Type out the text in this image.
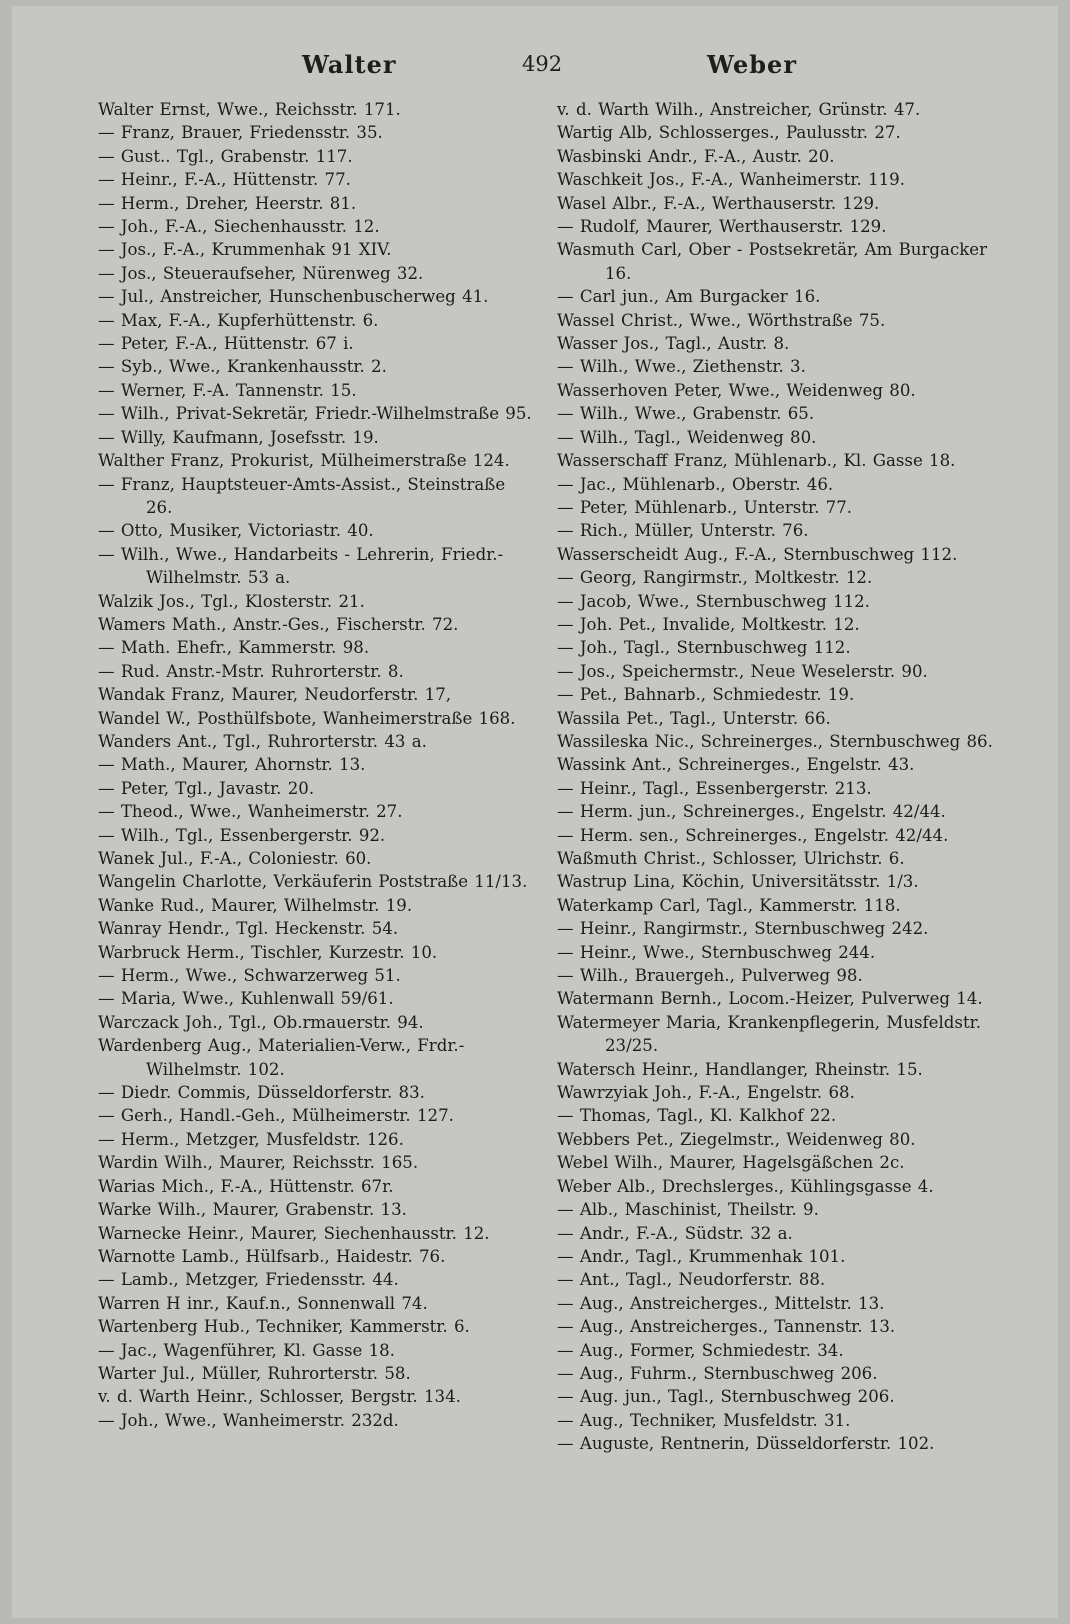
Walter	492	Weber
Walter Ernst, Wwe., Reichsstr. 171.
— Franz, Brauer, Friedensstr. 35.
— Gust.. Tgl., Grabenstr. 117.
— Heinr., F.-A., Hüttenstr. 77.
— Herm., Dreher, Heerstr. 81.
— Joh., F.-A., Siechenhausstr. 12.
— Jos., F.-A., Krummenhak 91 XIV.
— Jos., Steueraufseher, Nürenweg 32.
— Jul., Anstreicher, Hunschenbuscherweg 41.
— Max, F.-A., Kupferhüttenstr. 6.
— Peter, F.-A., Hüttenstr. 67 i.
— Syb., Wwe., Krankenhausstr. 2.
— Werner, F.-A. Tannenstr. 15.
— Wilh., Privat-Sekretär, Friedr.-Wilhelmstraße 95.
— Willy, Kaufmann, Josefsstr. 19.
Walther Franz, Prokurist, Mülheimerstraße 124.
— Franz, Hauptsteuer-Amts-Assist., Steinstraße 26.
— Otto, Musiker, Victoriastr. 40.
— Wilh., Wwe., Handarbeits - Lehrerin, Friedr.-Wilhelmstr. 53 a.
Walzik Jos., Tgl., Klosterstr. 21.
Wamers Math., Anstr.-Ges., Fischerstr. 72.
— Math. Ehefr., Kammerstr. 98.
— Rud. Anstr.-Mstr. Ruhrorterstr. 8.
Wandak Franz, Maurer, Neudorferstr. 17,
Wandel W., Posthülfsbote, Wanheimerstraße 168.
Wanders Ant., Tgl., Ruhrorterstr. 43 a.
— Math., Maurer, Ahornstr. 13.
— Peter, Tgl., Javastr. 20.
— Theod., Wwe., Wanheimerstr. 27.
— Wilh., Tgl., Essenbergerstr. 92.
Wanek Jul., F.-A., Coloniestr. 60.
Wangelin Charlotte, Verkäuferin Poststraße 11/13.
Wanke Rud., Maurer, Wilhelmstr. 19.
Wanray Hendr., Tgl. Heckenstr. 54.
Warbruck Herm., Tischler, Kurzestr. 10.
— Herm., Wwe., Schwarzerweg 51.
— Maria, Wwe., Kuhlenwall 59/61.
Warczack Joh., Tgl., Ob.rmauerstr. 94.
Wardenberg Aug., Materialien-Verw., Frdr.-Wilhelmstr. 102.
— Diedr. Commis, Düsseldorferstr. 83.
— Gerh., Handl.-Geh., Mülheimerstr. 127.
— Herm., Metzger, Musfeldstr. 126.
Wardin Wilh., Maurer, Reichsstr. 165.
Warias Mich., F.-A., Hüttenstr. 67r.
Warke Wilh., Maurer, Grabenstr. 13.
Warnecke Heinr., Maurer, Siechenhausstr. 12.
Warnotte Lamb., Hülfsarb., Haidestr. 76.
— Lamb., Metzger, Friedensstr. 44.
Warren H inr., Kauf.n., Sonnenwall 74.
Wartenberg Hub., Techniker, Kammerstr. 6.
— Jac., Wagenführer, Kl. Gasse 18.
Warter Jul., Müller, Ruhrorterstr. 58.
v. d. Warth Heinr., Schlosser, Bergstr. 134.
— Joh., Wwe., Wanheimerstr. 232d.
v. d. Warth Wilh., Anstreicher, Grünstr. 47.
Wartig Alb, Schlosserges., Paulusstr. 27.
Wasbinski Andr., F.-A., Austr. 20.
Waschkeit Jos., F.-A., Wanheimerstr. 119.
Wasel Albr., F.-A., Werthauserstr. 129.
— Rudolf, Maurer, Werthauserstr. 129.
Wasmuth Carl, Ober - Postsekretär, Am Burgacker 16.
— Carl jun., Am Burgacker 16.
Wassel Christ., Wwe., Wörthstraße 75.
Wasser Jos., Tagl., Austr. 8.
— Wilh., Wwe., Ziethenstr. 3.
Wasserhoven Peter, Wwe., Weidenweg 80.
— Wilh., Wwe., Grabenstr. 65.
— Wilh., Tagl., Weidenweg 80.
Wasserschaff Franz, Mühlenarb., Kl. Gasse 18.
— Jac., Mühlenarb., Oberstr. 46.
— Peter, Mühlenarb., Unterstr. 77.
— Rich., Müller, Unterstr. 76.
Wasserscheidt Aug., F.-A., Sternbuschweg 112.
— Georg, Rangirmstr., Moltkestr. 12.
— Jacob, Wwe., Sternbuschweg 112.
— Joh. Pet., Invalide, Moltkestr. 12.
— Joh., Tagl., Sternbuschweg 112.
— Jos., Speichermstr., Neue Weselerstr. 90.
— Pet., Bahnarb., Schmiedestr. 19.
Wassila Pet., Tagl., Unterstr. 66.
Wassileska Nic., Schreinerges., Sternbuschweg 86.
Wassink Ant., Schreinerges., Engelstr. 43.
— Heinr., Tagl., Essenbergerstr. 213.
— Herm. jun., Schreinerges., Engelstr. 42/44.
— Herm. sen., Schreinerges., Engelstr. 42/44.
Waßmuth Christ., Schlosser, Ulrichstr. 6.
Wastrup Lina, Köchin, Universitätsstr. 1/3.
Waterkamp Carl, Tagl., Kammerstr. 118.
— Heinr., Rangirmstr., Sternbuschweg 242.
— Heinr., Wwe., Sternbuschweg 244.
— Wilh., Brauergeh., Pulverweg 98.
Watermann Bernh., Locom.-Heizer, Pulverweg 14.
Watermeyer Maria, Krankenpflegerin, Musfeldstr. 23/25.
Watersch Heinr., Handlanger, Rheinstr. 15.
Wawrzyiak Joh., F.-A., Engelstr. 68.
— Thomas, Tagl., Kl. Kalkhof 22.
Webbers Pet., Ziegelmstr., Weidenweg 80.
Webel Wilh., Maurer, Hagelsgäßchen 2c.
Weber Alb., Drechslerges., Kühlingsgasse 4.
— Alb., Maschinist, Theilstr. 9.
— Andr., F.-A., Südstr. 32 a.
— Andr., Tagl., Krummenhak 101.
— Ant., Tagl., Neudorferstr. 88.
— Aug., Anstreicherges., Mittelstr. 13.
— Aug., Anstreicherges., Tannenstr. 13.
— Aug., Former, Schmiedestr. 34.
— Aug., Fuhrm., Sternbuschweg 206.
— Aug. jun., Tagl., Sternbuschweg 206.
— Aug., Techniker, Musfeldstr. 31.
— Auguste, Rentnerin, Düsseldorferstr. 102.
